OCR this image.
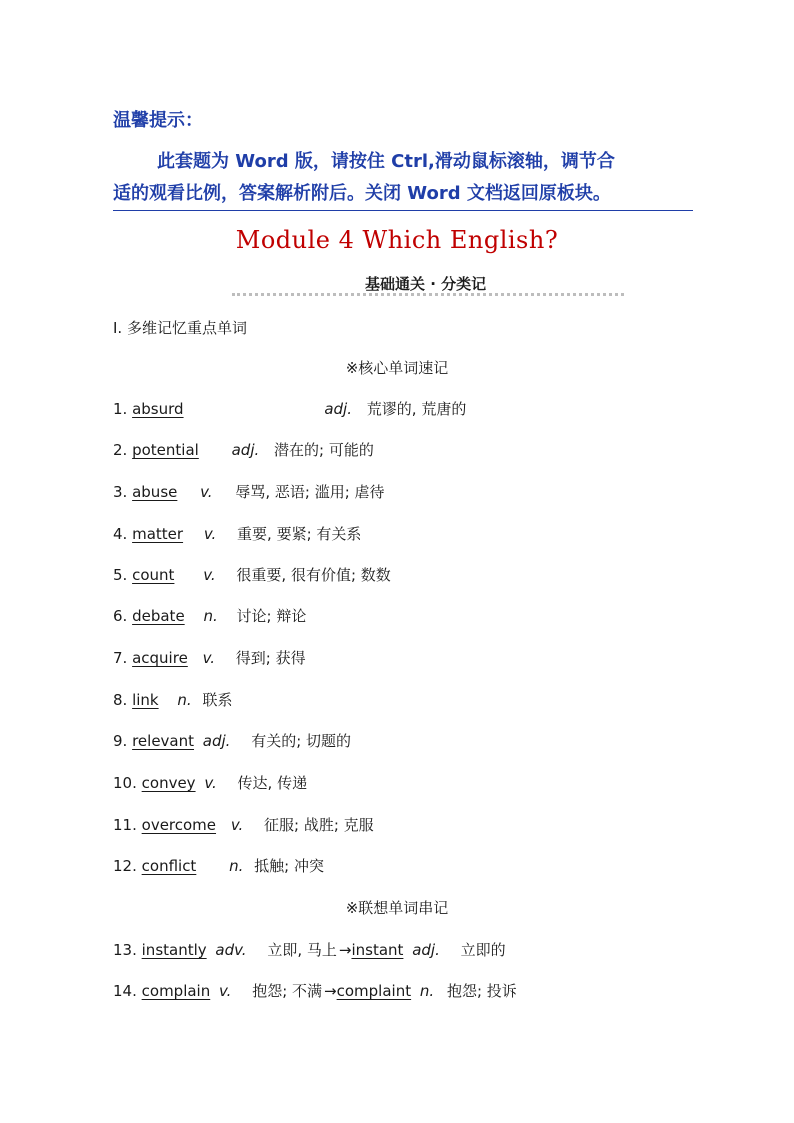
温馨提示：
此套题为 Word 版，请按住 Ctrl,滑动鼠标滚轴，调节合
适的观看比例，答案解析附后。关闭 Word 文档返回原板块。
Module 4 Which English?
基础通关 · 分类记
Ⅰ. 多维记忆重点单词
※核心单词速记
1. absurd	adj. 荒谬的, 荒唐的
2. potential adj. 潜在的; 可能的
3. abuse v. 辱骂, 恶语; 滥用; 虐待
4. matter v. 重要, 要紧; 有关系
5. count v. 很重要, 很有价值; 数数
6. debate n. 讨论; 辩论
7. acquire v. 得到; 获得
8. link n. 联系
9. relevant adj. 有关的; 切题的
10. convey v. 传达, 传递
11. overcome v. 征服; 战胜; 克服
12. conflict n. 抵触; 冲突
※联想单词串记
13. instantly adv. 立即, 马上 →instant adj. 立即的
14. complain v. 抱怨; 不满 →complaint n. 抱怨; 投诉
